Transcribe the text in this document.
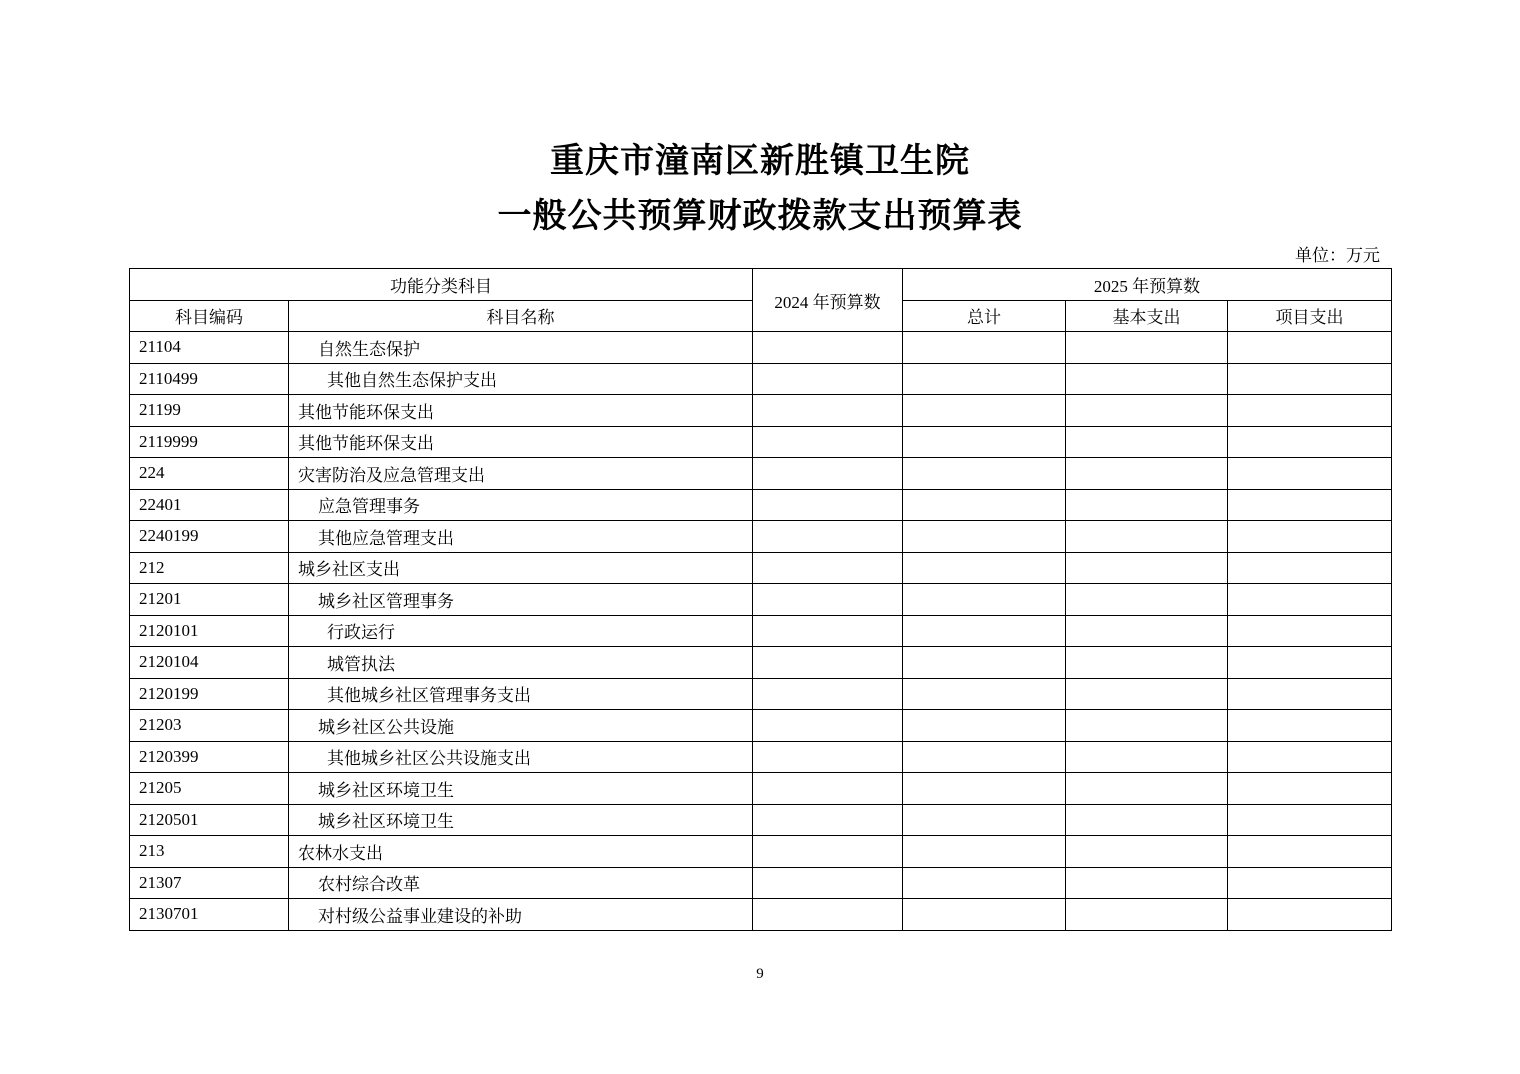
重庆市潼南区新胜镇卫生院
一般公共预算财政拨款支出预算表
单位：万元
功能分类科目		2024 年预算数	2025 年预算数		
科目编码	科目名称		总计	基本支出	项目支出
21104	自然生态保护				
2110499	其他自然生态保护支出				
21199	其他节能环保支出				
2119999	其他节能环保支出				
224	灾害防治及应急管理支出				
22401	应急管理事务				
2240199	其他应急管理支出				
212	城乡社区支出				
21201	城乡社区管理事务				
2120101	行政运行				
2120104	城管执法				
2120199	其他城乡社区管理事务支出				
21203	城乡社区公共设施				
2120399	其他城乡社区公共设施支出				
21205	城乡社区环境卫生				
2120501	城乡社区环境卫生				
213	农林水支出				
21307	农村综合改革				
2130701	对村级公益事业建设的补助				
9
